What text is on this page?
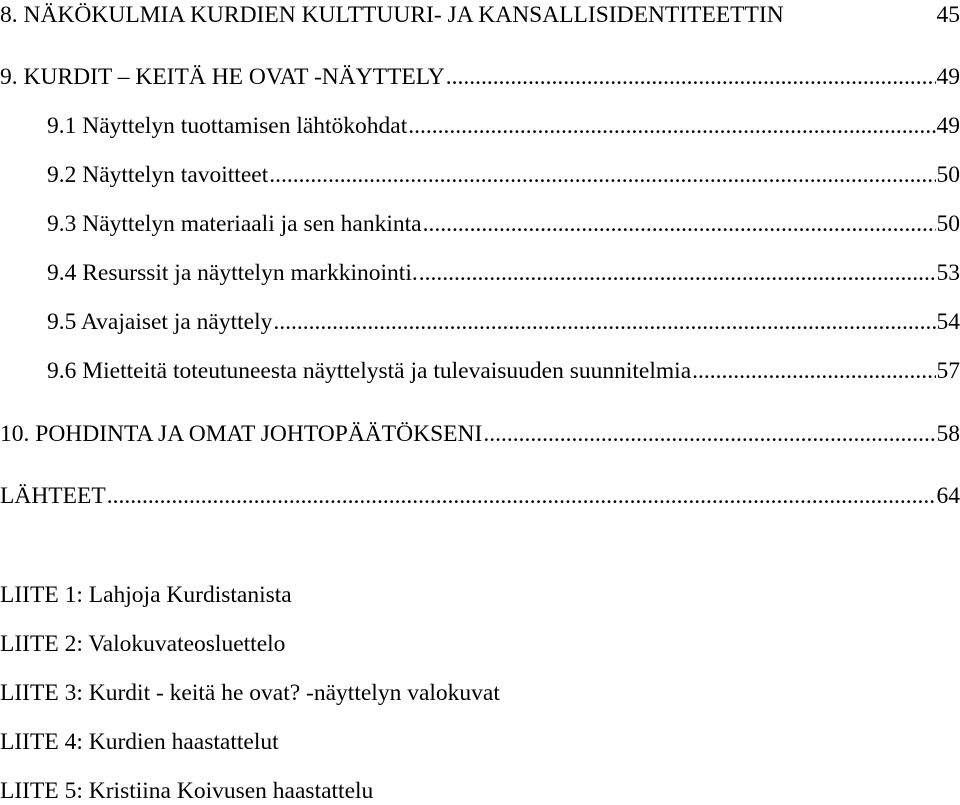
8. NÄKÖKULMIA KURDIEN KULTTUURI- JA KANSALLISIDENTITEETTIN	45
9. KURDIT – KEITÄ HE OVAT -NÄYTTELY .....	49
9.1 Näyttelyn tuottamisen lähtökohdat .....	49
9.2 Näyttelyn tavoitteet .....	50
9.3 Näyttelyn materiaali ja sen hankinta .....	50
9.4 Resurssit ja näyttelyn markkinointi. .....	53
9.5 Avajaiset ja näyttely .....	54
9.6 Mietteitä toteutuneesta näyttelystä ja tulevaisuuden suunnitelmia .....	57
10. POHDINTA JA OMAT JOHTOPÄÄTÖKSENI .....	58
LÄHTEET .....	64
LIITE 1: Lahjoja Kurdistanista
LIITE 2: Valokuvateosluettelo
LIITE 3: Kurdit - keitä he ovat? -näyttelyn valokuvat
LIITE 4: Kurdien haastattelut
LIITE 5: Kristiina Koivusen haastattelu
